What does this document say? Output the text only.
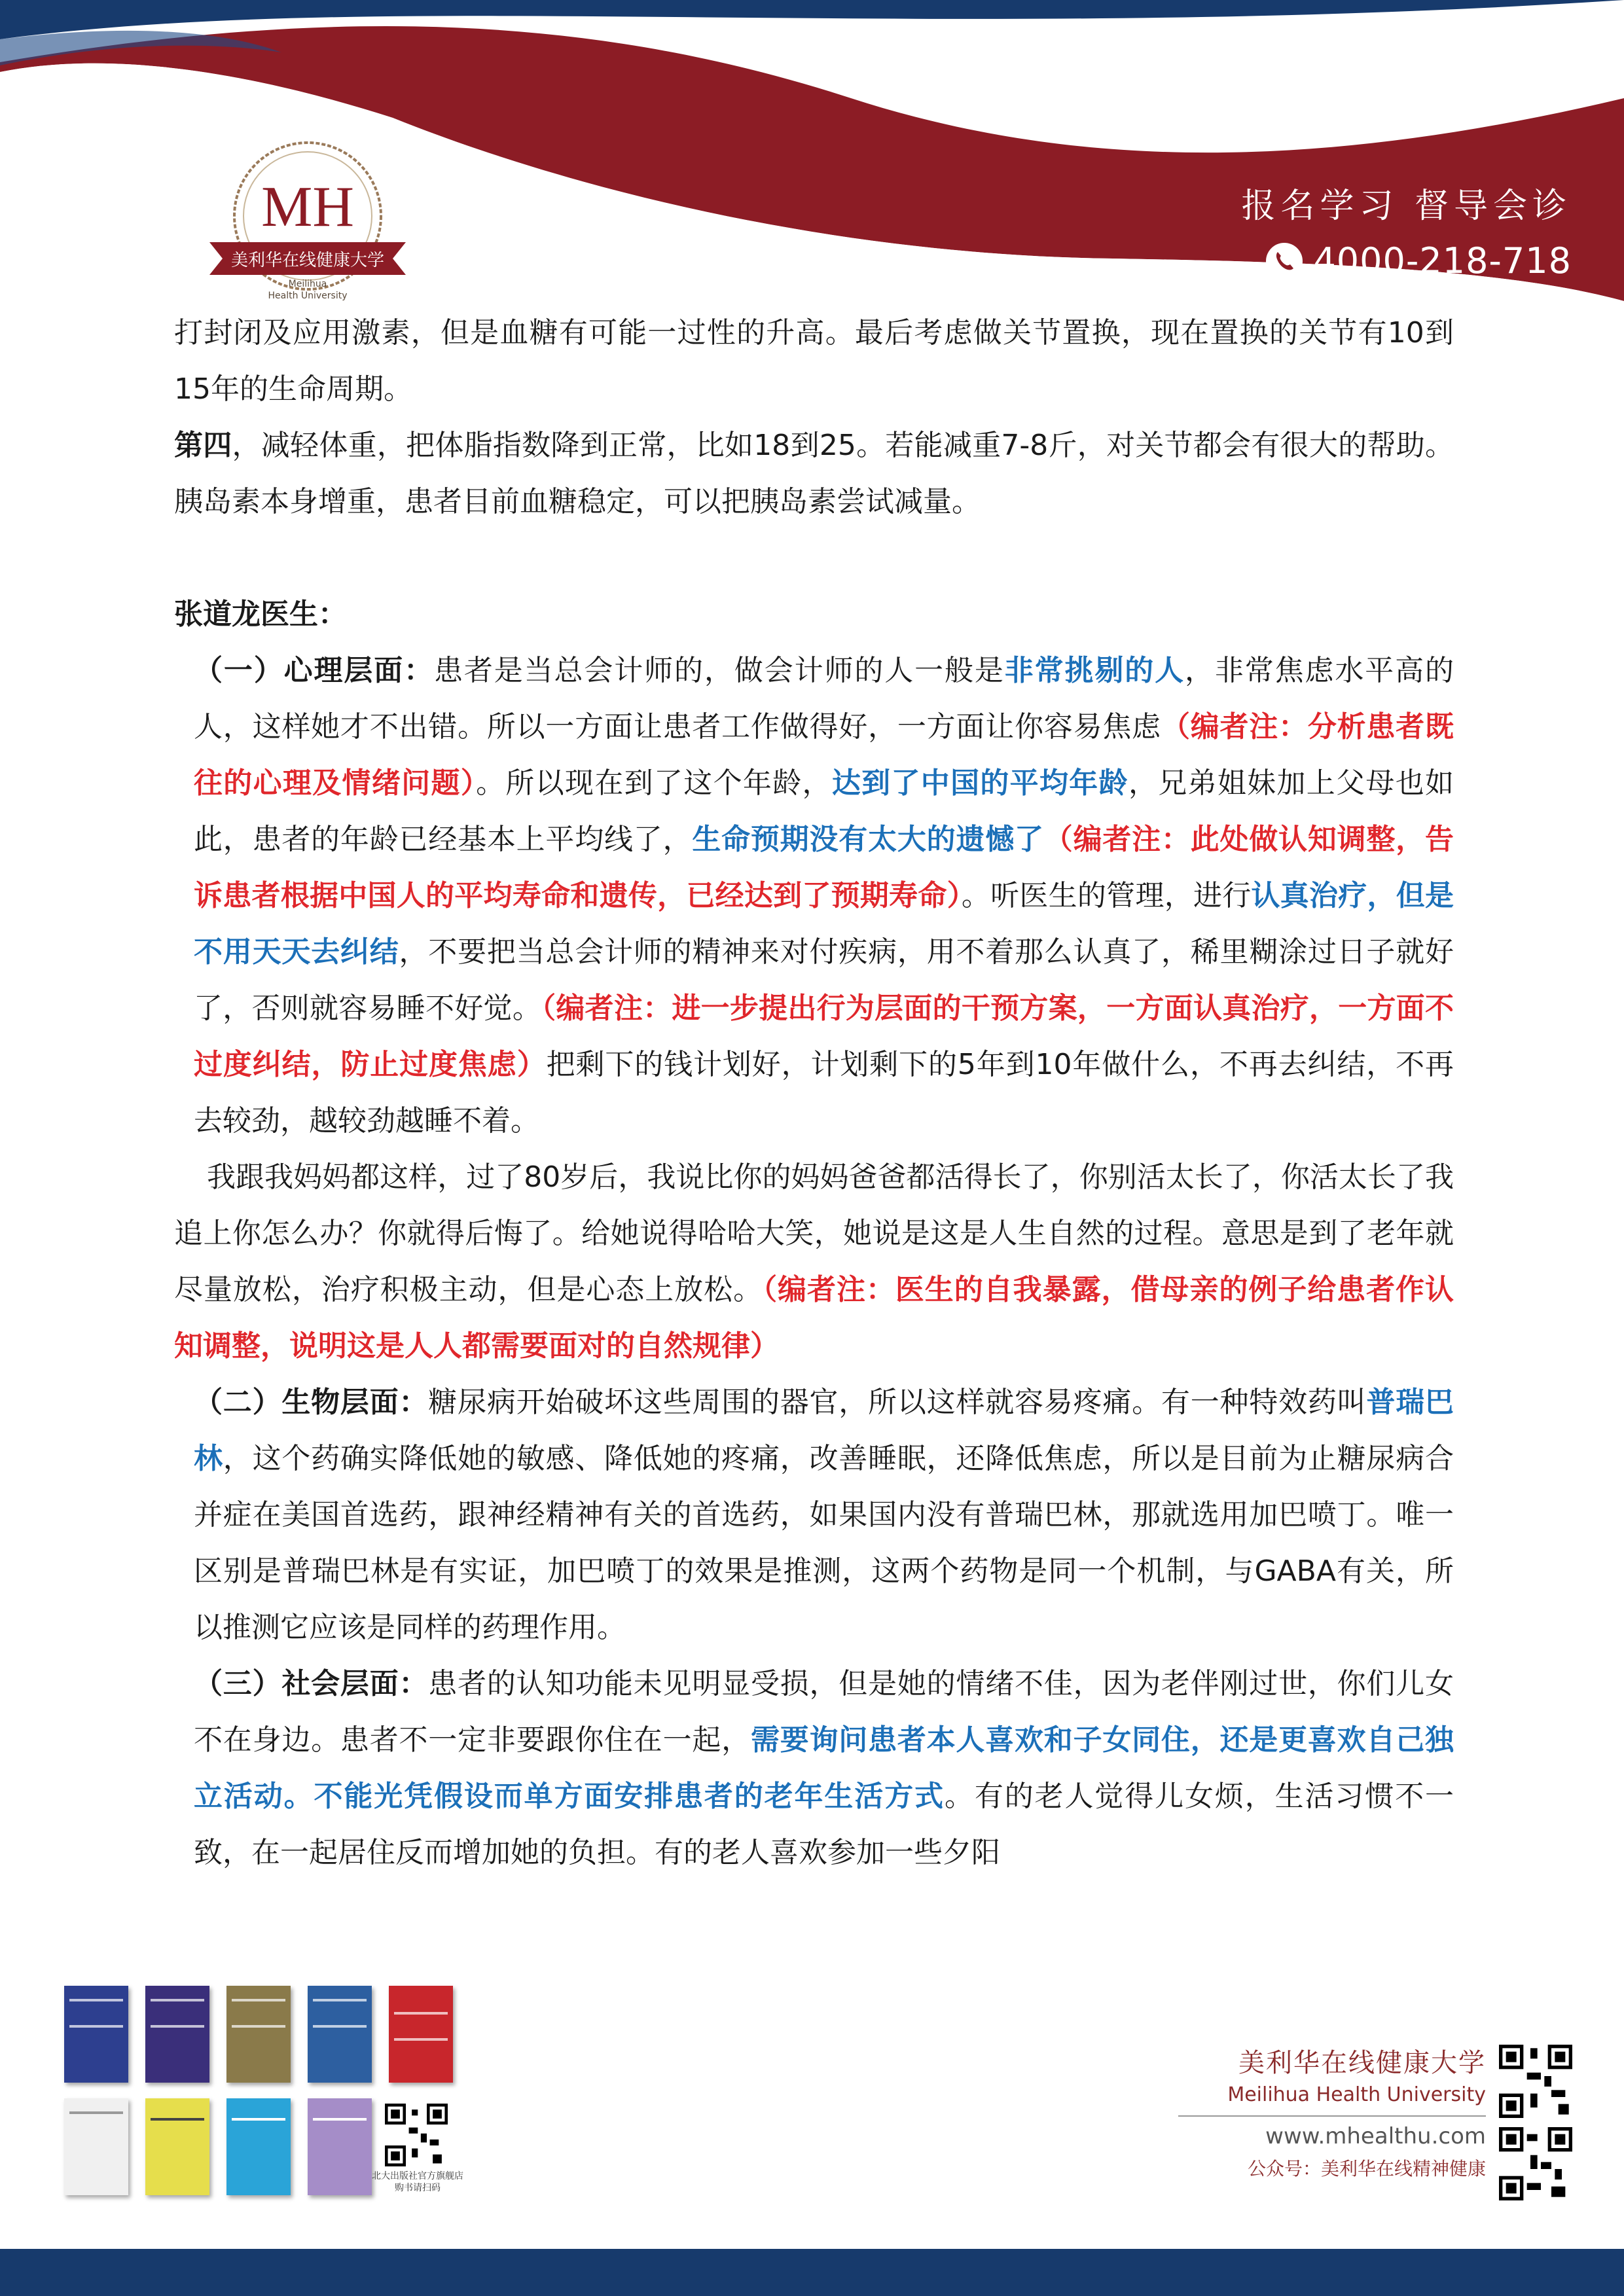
MH
美利华在线健康大学
Meilihua
Health University
报名学习 督导会诊
4000-218-718

打封闭及应用激素，但是血糖有可能一过性的升高。最后考虑做关节置换，现在置换的关节有10到15年的生命周期。

第四，减轻体重，把体脂指数降到正常，比如18到25。若能减重7-8斤，对关节都会有很大的帮助。胰岛素本身增重，患者目前血糖稳定，可以把胰岛素尝试减量。

张道龙医生：

（一）心理层面：患者是当总会计师的，做会计师的人一般是非常挑剔的人，非常焦虑水平高的人，这样她才不出错。所以一方面让患者工作做得好，一方面让你容易焦虑（编者注：分析患者既往的心理及情绪问题）。所以现在到了这个年龄，达到了中国的平均年龄，兄弟姐妹加上父母也如此，患者的年龄已经基本上平均线了，生命预期没有太大的遗憾了（编者注：此处做认知调整，告诉患者根据中国人的平均寿命和遗传，已经达到了预期寿命）。听医生的管理，进行认真治疗，但是不用天天去纠结，不要把当总会计师的精神来对付疾病，用不着那么认真了，稀里糊涂过日子就好了，否则就容易睡不好觉。（编者注：进一步提出行为层面的干预方案，一方面认真治疗，一方面不过度纠结，防止过度焦虑）把剩下的钱计划好，计划剩下的5年到10年做什么，不再去纠结，不再去较劲，越较劲越睡不着。

我跟我妈妈都这样，过了80岁后，我说比你的妈妈爸爸都活得长了，你别活太长了，你活太长了我追上你怎么办？你就得后悔了。给她说得哈哈大笑，她说是这是人生自然的过程。意思是到了老年就尽量放松，治疗积极主动，但是心态上放松。（编者注：医生的自我暴露，借母亲的例子给患者作认知调整，说明这是人人都需要面对的自然规律）

（二）生物层面：糖尿病开始破坏这些周围的器官，所以这样就容易疼痛。有一种特效药叫普瑞巴林，这个药确实降低她的敏感、降低她的疼痛，改善睡眠，还降低焦虑，所以是目前为止糖尿病合并症在美国首选药，跟神经精神有关的首选药，如果国内没有普瑞巴林，那就选用加巴喷丁。唯一区别是普瑞巴林是有实证，加巴喷丁的效果是推测，这两个药物是同一个机制，与GABA有关，所以推测它应该是同样的药理作用。

（三）社会层面：患者的认知功能未见明显受损，但是她的情绪不佳，因为老伴刚过世，你们儿女不在身边。患者不一定非要跟你住在一起，需要询问患者本人喜欢和子女同住，还是更喜欢自己独立活动。不能光凭假设而单方面安排患者的老年生活方式。有的老人觉得儿女烦，生活习惯不一致，在一起居住反而增加她的负担。有的老人喜欢参加一些夕阳

北大出版社官方旗舰店
购书请扫码
美利华在线健康大学
Meilihua Health University
www.mhealthu.com
公众号：美利华在线精神健康
